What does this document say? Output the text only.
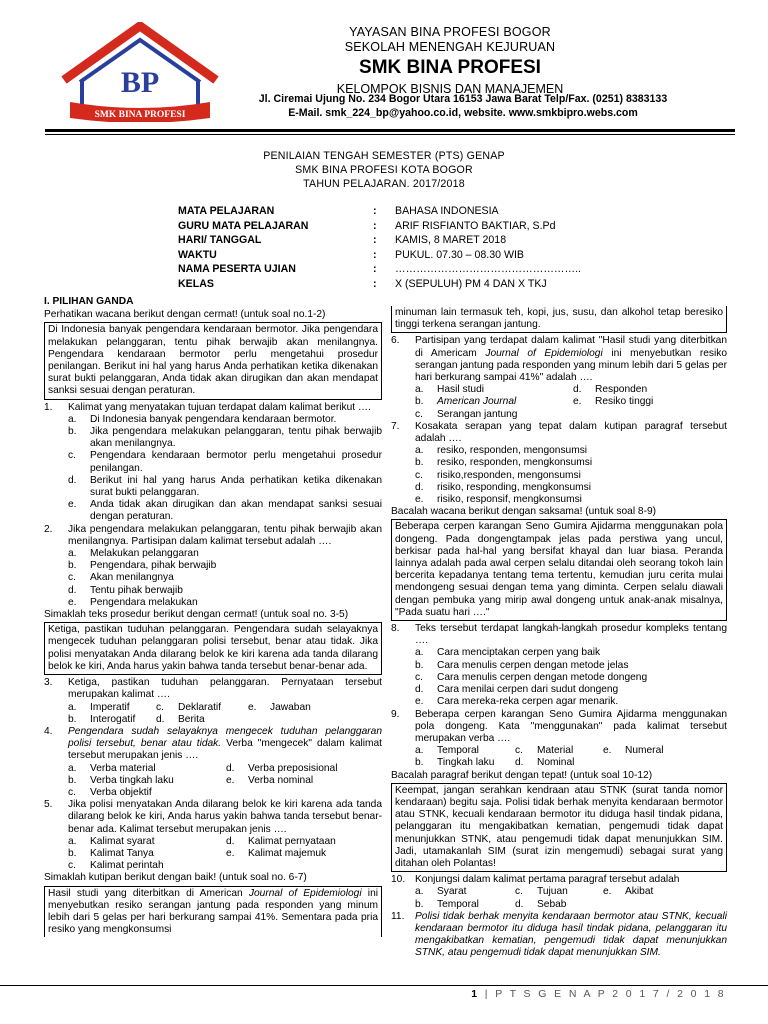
BP
SMK BINA PROFESI
YAYASAN BINA PROFESI BOGOR
SEKOLAH MENENGAH KEJURUAN
SMK BINA PROFESI
KELOMPOK BISNIS DAN MANAJEMEN
Jl. Ciremai Ujung No. 234 Bogor Utara 16153 Jawa Barat Telp/Fax. (0251) 8383133
E-Mail. smk_224_bp@yahoo.co.id, website. www.smkbipro.webs.com
PENILAIAN TENGAH SEMESTER (PTS) GENAP
SMK BINA PROFESI KOTA BOGOR
TAHUN PELAJARAN. 2017/2018
MATA PELAJARAN	:	BAHASA INDONESIA
GURU MATA PELAJARAN	:	ARIF RISFIANTO BAKTIAR, S.Pd
HARI/ TANGGAL	:	KAMIS, 8 MARET 2018
WAKTU	:	PUKUL. 07.30 – 08.30 WIB
NAMA PESERTA UJIAN	:	……………………………………………..
KELAS	:	X (SEPULUH) PM 4 DAN X TKJ
I. PILIHAN GANDA
Perhatikan wacana berikut dengan cermat! (untuk soal no.1-2)
Di Indonesia banyak pengendara kendaraan bermotor. Jika pengendara melakukan pelanggaran, tentu pihak berwajib akan menilangnya. Pengendara kendaraan bermotor perlu mengetahui prosedur penilangan. Berikut ini hal yang harus Anda perhatikan ketika dikenakan surat bukti pelanggaran, Anda tidak akan dirugikan dan akan mendapat sanksi sesuai dengan peraturan.
1.	Kalimat yang menyatakan tujuan terdapat dalam kalimat berikut ….
a.	Di Indonesia banyak pengendara kendaraan bermotor.
b.	Jika pengendara melakukan pelanggaran, tentu pihak berwajib akan menilangnya.
c.	Pengendara kendaraan bermotor perlu mengetahui prosedur penilangan.
d.	Berikut ini hal yang harus Anda perhatikan ketika dikenakan surat bukti pelanggaran.
e.	Anda tidak akan dirugikan dan akan mendapat sanksi sesuai dengan peraturan.
2.	Jika pengendara melakukan pelanggaran, tentu pihak berwajib akan menilangnya. Partisipan dalam kalimat tersebut adalah ….
a.	Melakukan pelanggaran
b.	Pengendara, pihak berwajib
c.	Akan menilangnya
d.	Tentu pihak berwajib
e.	Pengendara melakukan
Simaklah teks prosedur berikut dengan cermat! (untuk soal no. 3-5)
Ketiga, pastikan tuduhan pelanggaran. Pengendara sudah selayaknya mengecek tuduhan pelanggaran polisi tersebut, benar atau tidak. Jika polisi menyatakan Anda dilarang belok ke kiri karena ada tanda dilarang belok ke kiri, Anda harus yakin bahwa tanda tersebut benar-benar ada.
3.	Ketiga, pastikan tuduhan pelanggaran. Pernyataan tersebut merupakan kalimat ….
a.	Imperatif	c.	Deklaratif	e.	Jawaban
b.	Interogatif d.	Berita
4.	Pengendara sudah selayaknya mengecek tuduhan pelanggaran polisi tersebut, benar atau tidak. Verba "mengecek" dalam kalimat tersebut merupakan jenis ….
a.	Verba material	d.	Verba preposisional
b.	Verba tingkah laku	e.	Verba nominal
c.	Verba objektif
5.	Jika polisi menyatakan Anda dilarang belok ke kiri karena ada tanda dilarang belok ke kiri, Anda harus yakin bahwa tanda tersebut benar-benar ada. Kalimat tersebut merupakan jenis ….
a.	Kalimat syarat	d.	Kalimat pernyataan
b.	Kalimat Tanya	e.	Kalimat majemuk
c.	Kalimat perintah
Simaklah kutipan berikut dengan baik! (untuk soal no. 6-7)
Hasil studi yang diterbitkan di American Journal of Epidemiologi ini menyebutkan resiko serangan jantung pada responden yang minum lebih dari 5 gelas per hari berkurang sampai 41%. Sementara pada pria resiko yang mengkonsumsi
minuman lain termasuk teh, kopi, jus, susu, dan alkohol tetap beresiko tinggi terkena serangan jantung.
6.	Partisipan yang terdapat dalam kalimat "Hasil studi yang diterbitkan di Americam Journal of Epidemiologi ini menyebutkan resiko serangan jantung pada responden yang minum lebih dari 5 gelas per hari berkurang sampai 41%" adalah ….
a.	Hasil studi	d.	Responden
b.	American Journal	e.	Resiko tinggi
c.	Serangan jantung
7.	Kosakata serapan yang tepat dalam kutipan paragraf tersebut adalah ….
a.	resiko, responden, mengonsumsi
b.	resiko, responden, mengkonsumsi
c.	risiko,responden, mengonsumsi
d.	risiko, responding, mengkonsumsi
e.	risiko, responsif, mengkonsumsi
Bacalah wacana berikut dengan saksama! (untuk soal 8-9)
Beberapa cerpen karangan Seno Gumira Ajidarma menggunakan pola dongeng. Pada dongengtampak jelas pada perstiwa yang uncul, berkisar pada hal-hal yang bersifat khayal dan luar biasa. Peranda lainnya adalah pada awal cerpen selalu ditandai oleh seorang tokoh lain bercerita kepadanya tentang tema tertentu, kemudian juru cerita mulai mendongeng sesuai dengan tema yang diminta. Cerpen selalu diawali dengan pembuka yang mirip awal dongeng untuk anak-anak misalnya, "Pada suatu hari …."
8.	Teks tersebut terdapat langkah-langkah prosedur kompleks tentang ….
a.	Cara menciptakan cerpen yang baik
b.	Cara menulis cerpen dengan metode jelas
c.	Cara menulis cerpen dengan metode dongeng
d.	Cara menilai cerpen dari sudut dongeng
e.	Cara mereka-reka cerpen agar menarik.
9.	Beberapa cerpen karangan Seno Gumira Ajidarma menggunakan pola dongeng. Kata "menggunakan" pada kalimat tersebut merupakan verba ….
a.	Temporal	c.	Material	e.	Numeral
b.	Tingkah laku d.	Nominal
Bacalah paragraf berikut dengan tepat! (untuk soal 10-12)
Keempat, jangan serahkan kendraan atau STNK (surat tanda nomor kendaraan) begitu saja. Polisi tidak berhak menyita kendaraan bermotor atau STNK, kecuali kendaraan bermotor itu diduga hasil tindak pidana, pelanggaran itu mengakibatkan kematian, pengemudi tidak dapat menunjukkan STNK, atau pengemudi tidak dapat menunjukkan SIM. Jadi, utamakanlah SIM (surat izin mengemudi) sebagai surat yang ditahan oleh Polantas!
10. Konjungsi dalam kalimat pertama paragraf tersebut adalah
a.	Syarat	c.	Tujuan	e.	Akibat
b.	Temporal	d.	Sebab
11.	Polisi tidak berhak menyita kendaraan bermotor atau STNK, kecuali kendaraan bermotor itu diduga hasil tindak pidana, pelanggaran itu mengakibatkan kematian, pengemudi tidak dapat menunjukkan STNK, atau pengemudi tidak dapat menunjukkan SIM.
1 | P T S G E N A P 2 0 1 7 / 2 0 1 8
